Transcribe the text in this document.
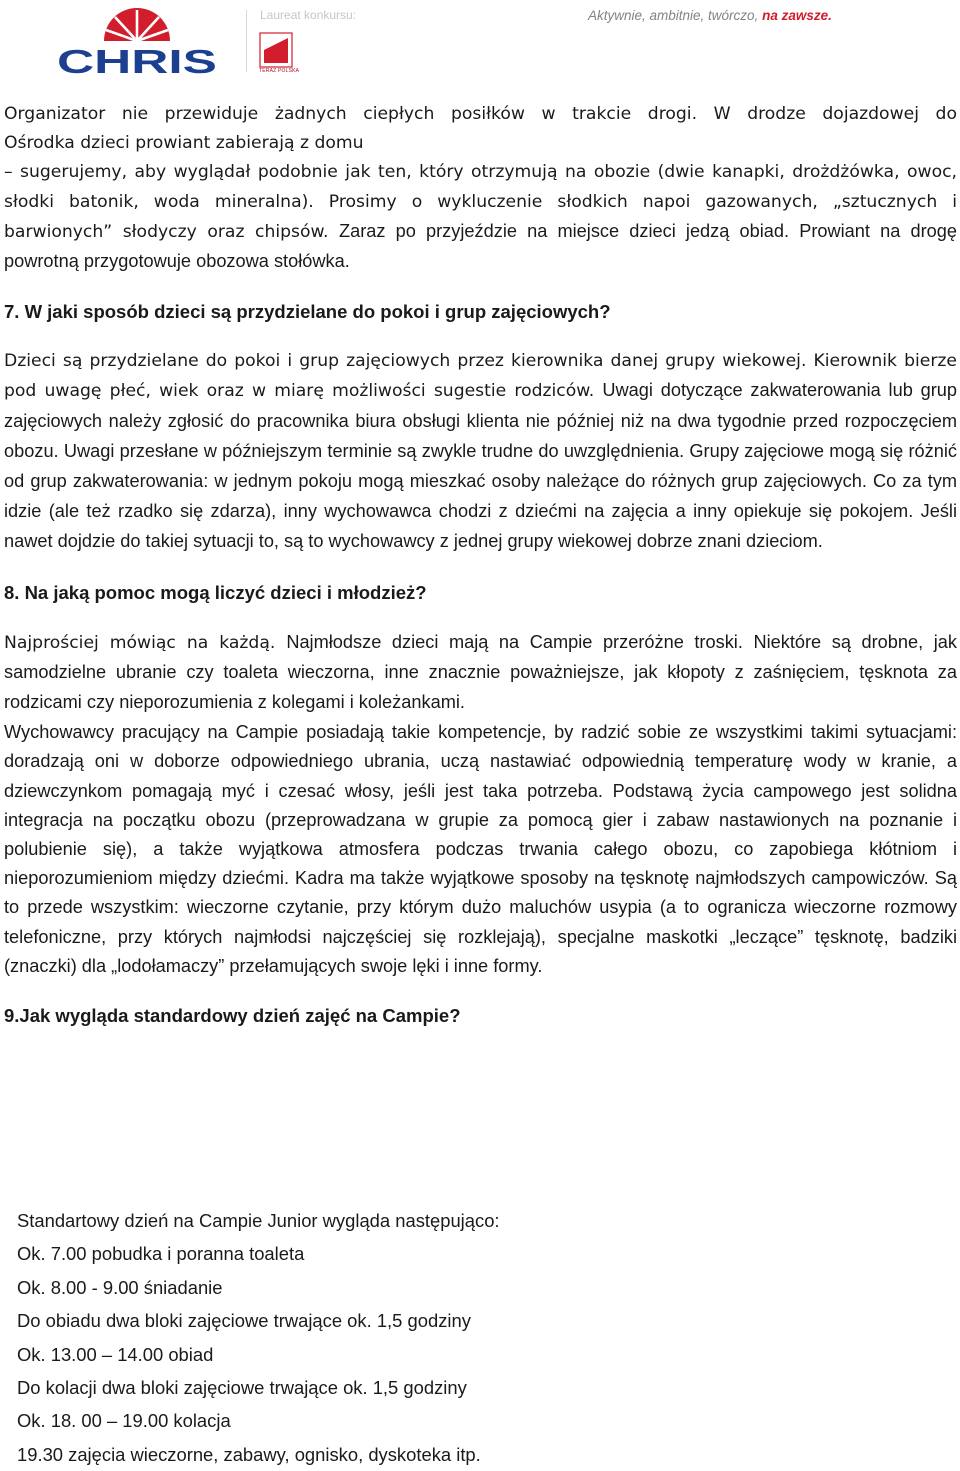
CHRIS
Laureat konkursu:
TERAZ POLSKA
Aktywnie, ambitnie, twórczo, na zawsze.

Organizator nie przewiduje żadnych ciepłych posiłków w trakcie drogi. W drodze dojazdowej do

Ośrodka dzieci prowiant zabierają z domu

– sugerujemy, aby wyglądał podobnie jak ten, który otrzymują na obozie (dwie kanapki, drożdżówka, owoc, słodki batonik, woda mineralna). Prosimy o wykluczenie słodkich napoi gazowanych, „sztucznych i barwionych” słodyczy oraz chipsów. Zaraz po przyjeździe na miejsce dzieci jedzą obiad. Prowiant na drogę powrotną przygotowuje obozowa stołówka.

7. W jaki sposób dzieci są przydzielane do pokoi i grup zajęciowych?

Dzieci są przydzielane do pokoi i grup zajęciowych przez kierownika danej grupy wiekowej. Kierownik bierze pod uwagę płeć, wiek oraz w miarę możliwości sugestie rodziców. Uwagi dotyczące zakwaterowania lub grup zajęciowych należy zgłosić do pracownika biura obsługi klienta nie później niż na dwa tygodnie przed rozpoczęciem obozu. Uwagi przesłane w późniejszym terminie są zwykle trudne do uwzględnienia. Grupy zajęciowe mogą się różnić od grup zakwaterowania: w jednym pokoju mogą mieszkać osoby należące do różnych grup zajęciowych. Co za tym idzie (ale też rzadko się zdarza), inny wychowawca chodzi z dziećmi na zajęcia a inny opiekuje się pokojem. Jeśli nawet dojdzie do takiej sytuacji to, są to wychowawcy z jednej grupy wiekowej dobrze znani dzieciom.

8. Na jaką pomoc mogą liczyć dzieci i młodzież?

Najprościej mówiąc na każdą. Najmłodsze dzieci mają na Campie przeróżne troski. Niektóre są drobne, jak samodzielne ubranie czy toaleta wieczorna, inne znacznie poważniejsze, jak kłopoty z zaśnięciem, tęsknota za rodzicami czy nieporozumienia z kolegami i koleżankami.

Wychowawcy pracujący na Campie posiadają takie kompetencje, by radzić sobie ze wszystkimi takimi sytuacjami: doradzają oni w doborze odpowiedniego ubrania, uczą nastawiać odpowiednią temperaturę wody w kranie, a dziewczynkom pomagają myć i czesać włosy, jeśli jest taka potrzeba. Podstawą życia campowego jest solidna integracja na początku obozu (przeprowadzana w grupie za pomocą gier i zabaw nastawionych na poznanie i polubienie się), a także wyjątkowa atmosfera podczas trwania całego obozu, co zapobiega kłótniom i nieporozumieniom między dziećmi. Kadra ma także wyjątkowe sposoby na tęsknotę najmłodszych campowiczów. Są to przede wszystkim: wieczorne czytanie, przy którym dużo maluchów usypia (a to ogranicza wieczorne rozmowy telefoniczne, przy których najmłodsi najczęściej się rozklejają), specjalne maskotki „leczące” tęsknotę, badziki (znaczki) dla „lodołamaczy” przełamujących swoje lęki i inne formy.

9.Jak wygląda standardowy dzień zajęć na Campie?
Standartowy dzień na Campie Junior wygląda następująco:
Ok. 7.00 pobudka i poranna toaleta
Ok. 8.00 - 9.00 śniadanie
Do obiadu dwa bloki zajęciowe trwające ok. 1,5 godziny
Ok. 13.00 – 14.00 obiad
Do kolacji dwa bloki zajęciowe trwające ok. 1,5 godziny
Ok. 18. 00 – 19.00 kolacja
19.30 zajęcia wieczorne, zabawy, ognisko, dyskoteka itp.
